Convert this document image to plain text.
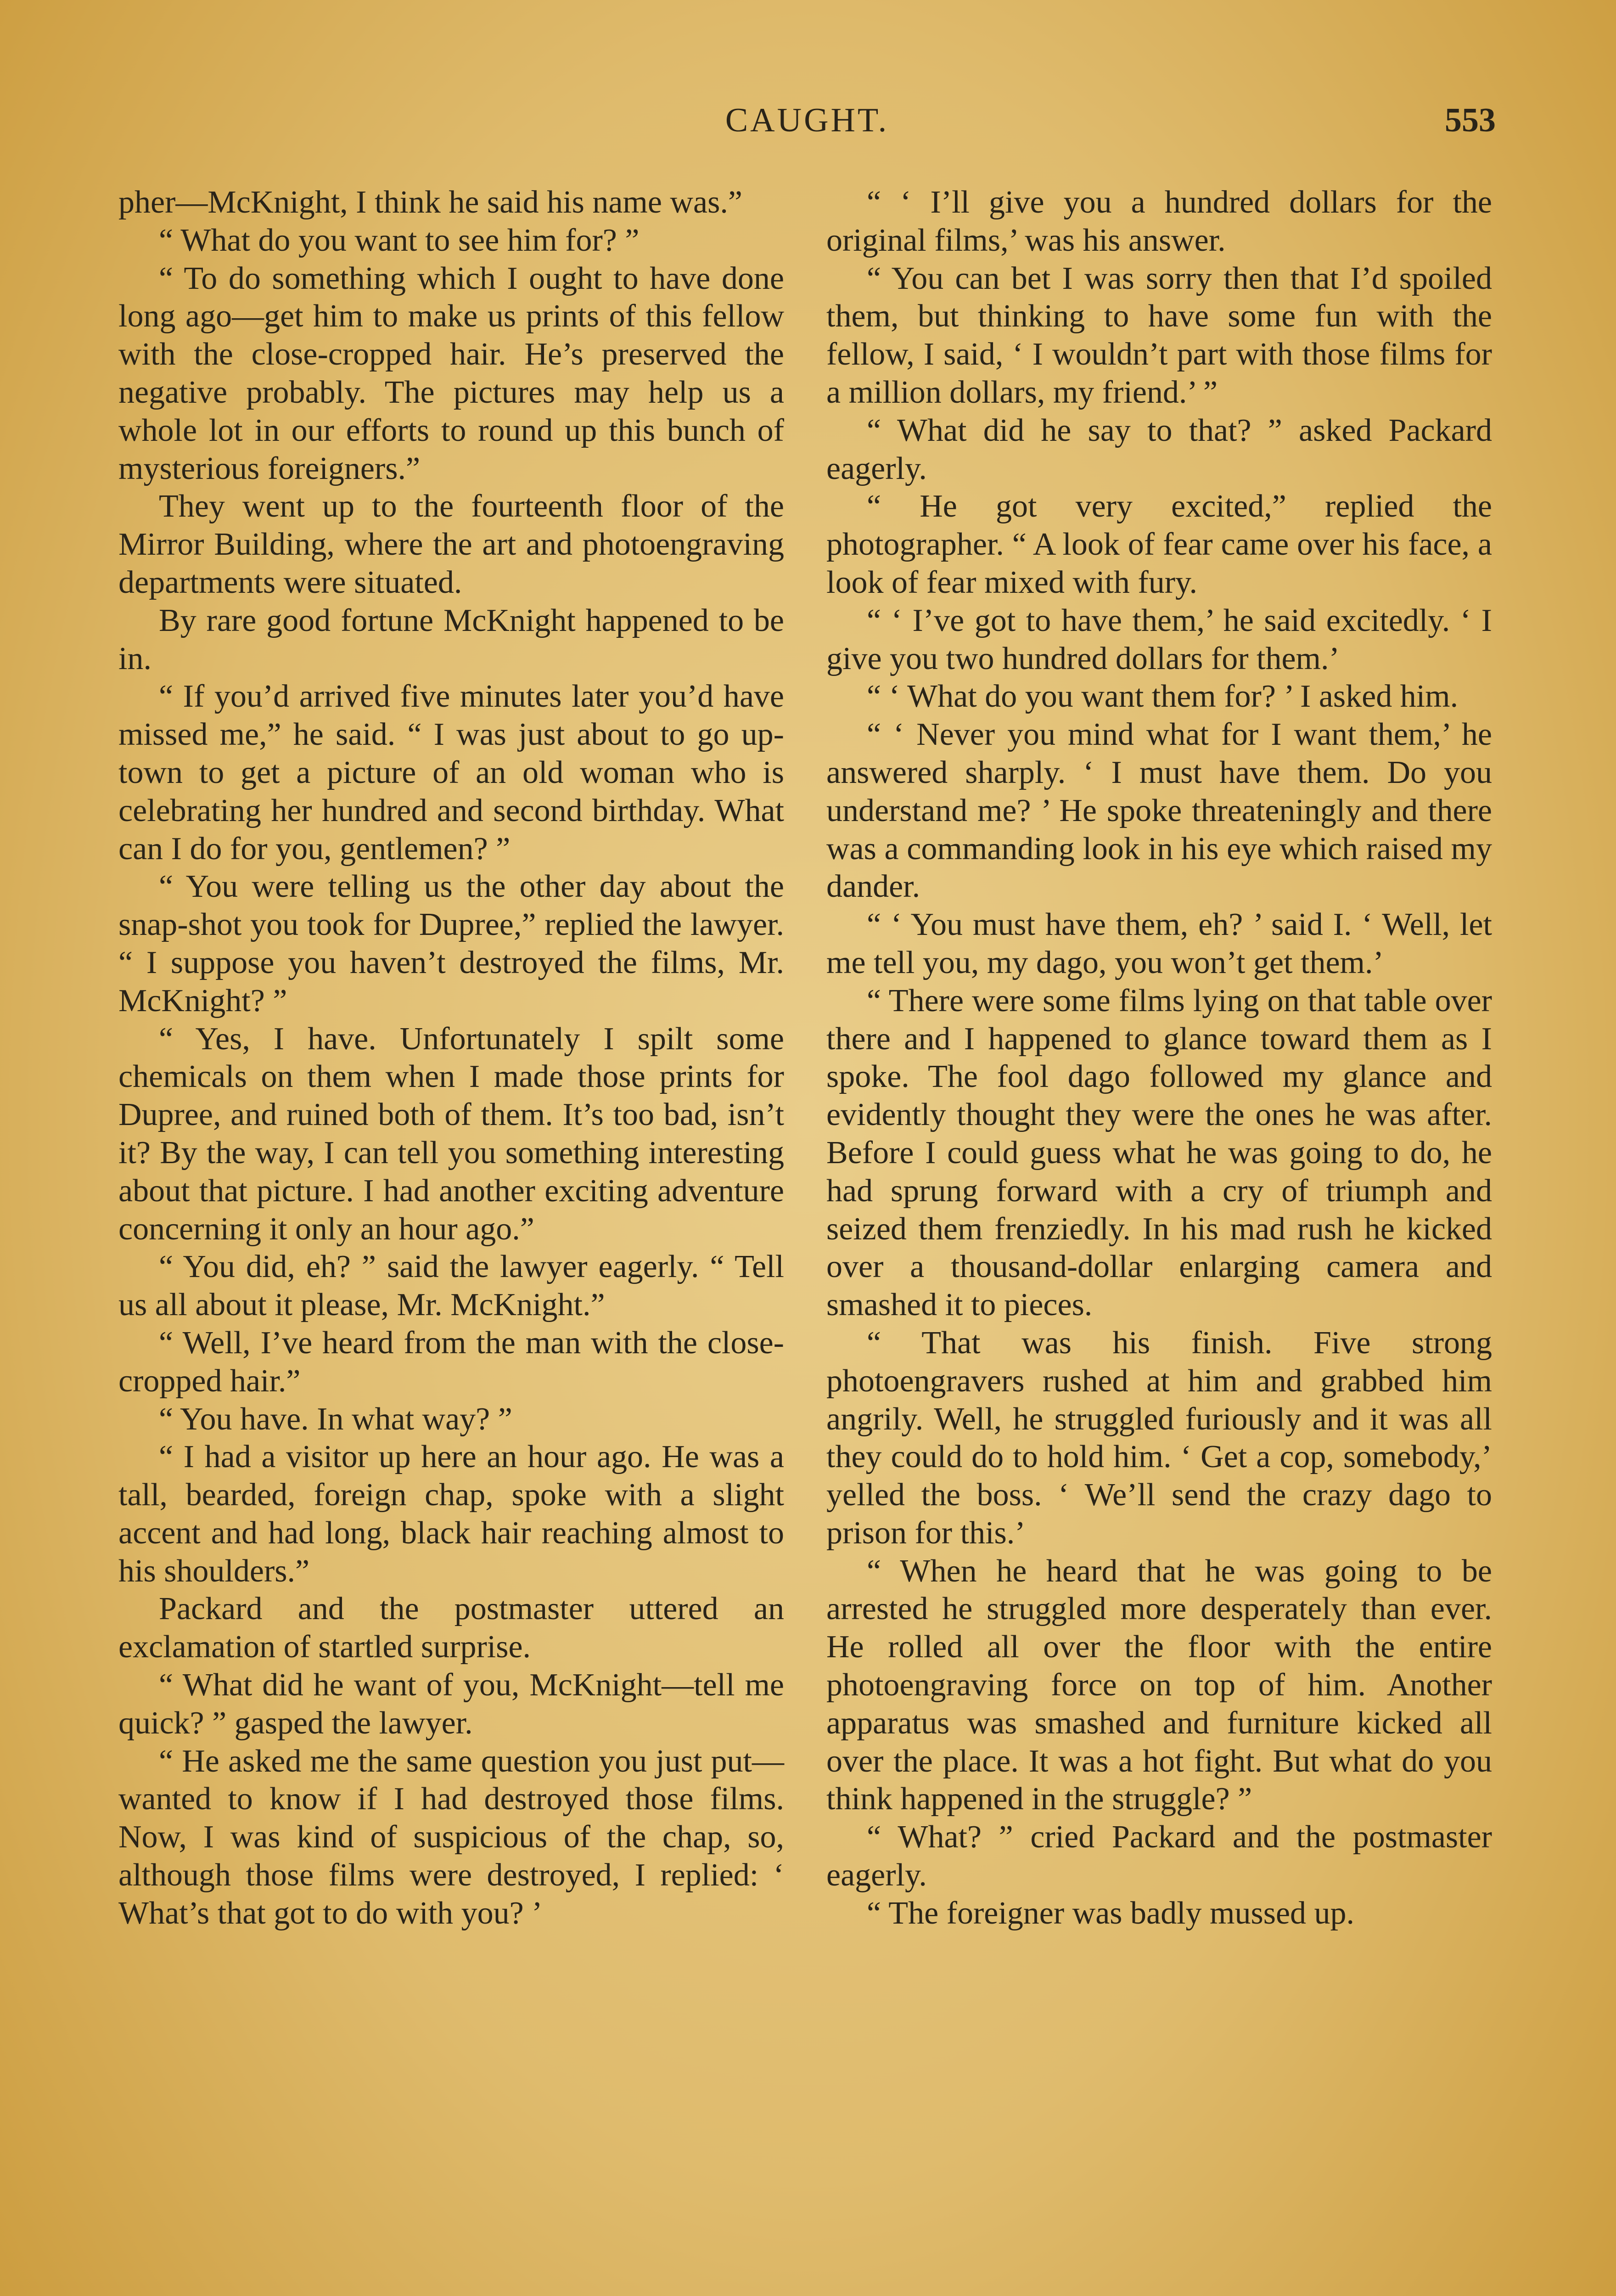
CAUGHT.	553

pher—McKnight, I think he said his name was.”

“ What do you want to see him for? ”

“ To do something which I ought to have done long ago—get him to make us prints of this fellow with the close-cropped hair. He’s preserved the negative probably. The pictures may help us a whole lot in our efforts to round up this bunch of mysterious foreigners.”

They went up to the fourteenth floor of the Mirror Building, where the art and photoengraving departments were situated.

By rare good fortune McKnight happened to be in.

“ If you’d arrived five minutes later you’d have missed me,” he said. “ I was just about to go up-town to get a picture of an old woman who is celebrating her hundred and second birthday. What can I do for you, gentlemen? ”

“ You were telling us the other day about the snap-shot you took for Dupree,” replied the lawyer. “ I suppose you haven’t destroyed the films, Mr. McKnight? ”

“ Yes, I have. Unfortunately I spilt some chemicals on them when I made those prints for Dupree, and ruined both of them. It’s too bad, isn’t it? By the way, I can tell you something interesting about that picture. I had another exciting adventure concerning it only an hour ago.”

“ You did, eh? ” said the lawyer eagerly. “ Tell us all about it please, Mr. McKnight.”

“ Well, I’ve heard from the man with the close-cropped hair.”

“ You have. In what way? ”

“ I had a visitor up here an hour ago. He was a tall, bearded, foreign chap, spoke with a slight accent and had long, black hair reaching almost to his shoulders.”

Packard and the postmaster uttered an exclamation of startled surprise.

“ What did he want of you, McKnight—tell me quick? ” gasped the lawyer.

“ He asked me the same question you just put—wanted to know if I had destroyed those films. Now, I was kind of suspicious of the chap, so, although those films were destroyed, I replied: ‘ What’s that got to do with you? ’

“ ‘ I’ll give you a hundred dollars for the original films,’ was his answer.

“ You can bet I was sorry then that I’d spoiled them, but thinking to have some fun with the fellow, I said, ‘ I wouldn’t part with those films for a million dollars, my friend.’ ”

“ What did he say to that? ” asked Packard eagerly.

“ He got very excited,” replied the photographer. “ A look of fear came over his face, a look of fear mixed with fury.

“ ‘ I’ve got to have them,’ he said excitedly. ‘ I give you two hundred dollars for them.’

“ ‘ What do you want them for? ’ I asked him.

“ ‘ Never you mind what for I want them,’ he answered sharply. ‘ I must have them. Do you understand me? ’ He spoke threateningly and there was a commanding look in his eye which raised my dander.

“ ‘ You must have them, eh? ’ said I. ‘ Well, let me tell you, my dago, you won’t get them.’

“ There were some films lying on that table over there and I happened to glance toward them as I spoke. The fool dago followed my glance and evidently thought they were the ones he was after. Before I could guess what he was going to do, he had sprung forward with a cry of triumph and seized them frenziedly. In his mad rush he kicked over a thousand-dollar enlarging camera and smashed it to pieces.

“ That was his finish. Five strong photoengravers rushed at him and grabbed him angrily. Well, he struggled furiously and it was all they could do to hold him. ‘ Get a cop, somebody,’ yelled the boss. ‘ We’ll send the crazy dago to prison for this.’

“ When he heard that he was going to be arrested he struggled more desperately than ever. He rolled all over the floor with the entire photoengraving force on top of him. Another apparatus was smashed and furniture kicked all over the place. It was a hot fight. But what do you think happened in the struggle? ”

“ What? ” cried Packard and the postmaster eagerly.

“ The foreigner was badly mussed up.
